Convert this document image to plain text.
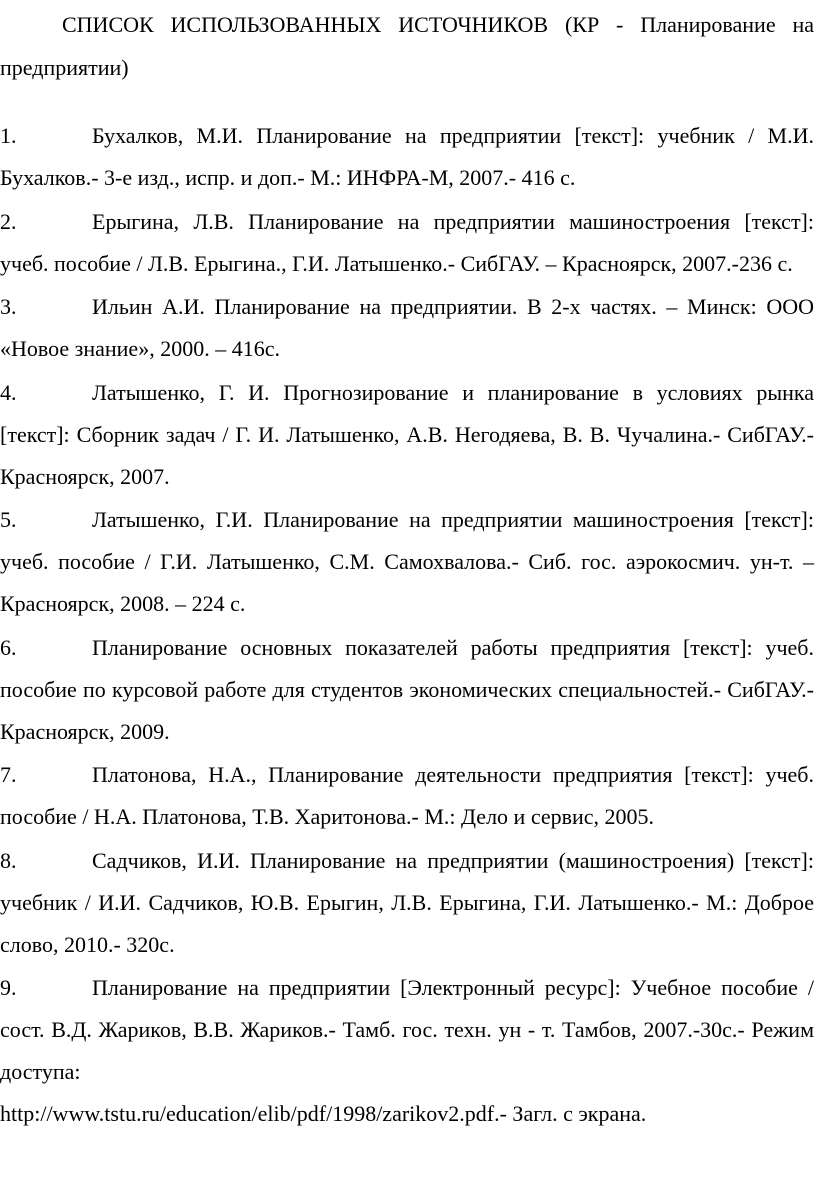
СПИСОК ИСПОЛЬЗОВАННЫХ ИСТОЧНИКОВ (КР - Планирование на предприятии)

1.	Бухалков, М.И. Планирование на предприятии [текст]: учебник / М.И. Бухалков.- 3-е изд., испр. и доп.- М.: ИНФРА-М, 2007.- 416 с.
2.	Ерыгина, Л.В. Планирование на предприятии машиностроения [текст]: учеб. пособие / Л.В. Ерыгина., Г.И. Латышенко.- СибГАУ. – Красноярск, 2007.-236 с.
3.	Ильин А.И. Планирование на предприятии. В 2-х частях. – Минск: ООО «Новое знание», 2000. – 416с.
4.	Латышенко, Г. И. Прогнозирование и планирование в условиях рынка [текст]: Сборник задач / Г. И. Латышенко, А.В. Негодяева, В. В. Чучалина.- СибГАУ.- Красноярск, 2007.
5.	Латышенко, Г.И. Планирование на предприятии машиностроения [текст]: учеб. пособие / Г.И. Латышенко, С.М. Самохвалова.- Сиб. гос. аэрокосмич. ун-т. – Красноярск, 2008. – 224 с.
6.	Планирование основных показателей работы предприятия [текст]: учеб. пособие по курсовой работе для студентов экономических специальностей.- СибГАУ.- Красноярск, 2009.
7.	Платонова, Н.А., Планирование деятельности предприятия [текст]: учеб. пособие / Н.А. Платонова, Т.В. Харитонова.- М.: Дело и сервис, 2005.
8.	Садчиков, И.И. Планирование на предприятии (машиностроения) [текст]: учебник / И.И. Садчиков, Ю.В. Ерыгин, Л.В. Ерыгина, Г.И. Латышенко.- М.: Доброе слово, 2010.- 320с.
9.	Планирование на предприятии [Электронный ресурс]: Учебное пособие / сост. В.Д. Жариков, В.В. Жариков.- Тамб. гос. техн. ун - т. Тамбов, 2007.-30с.- Режим доступа:
http://www.tstu.ru/education/elib/pdf/1998/zarikov2.pdf.- Загл. с экрана.
